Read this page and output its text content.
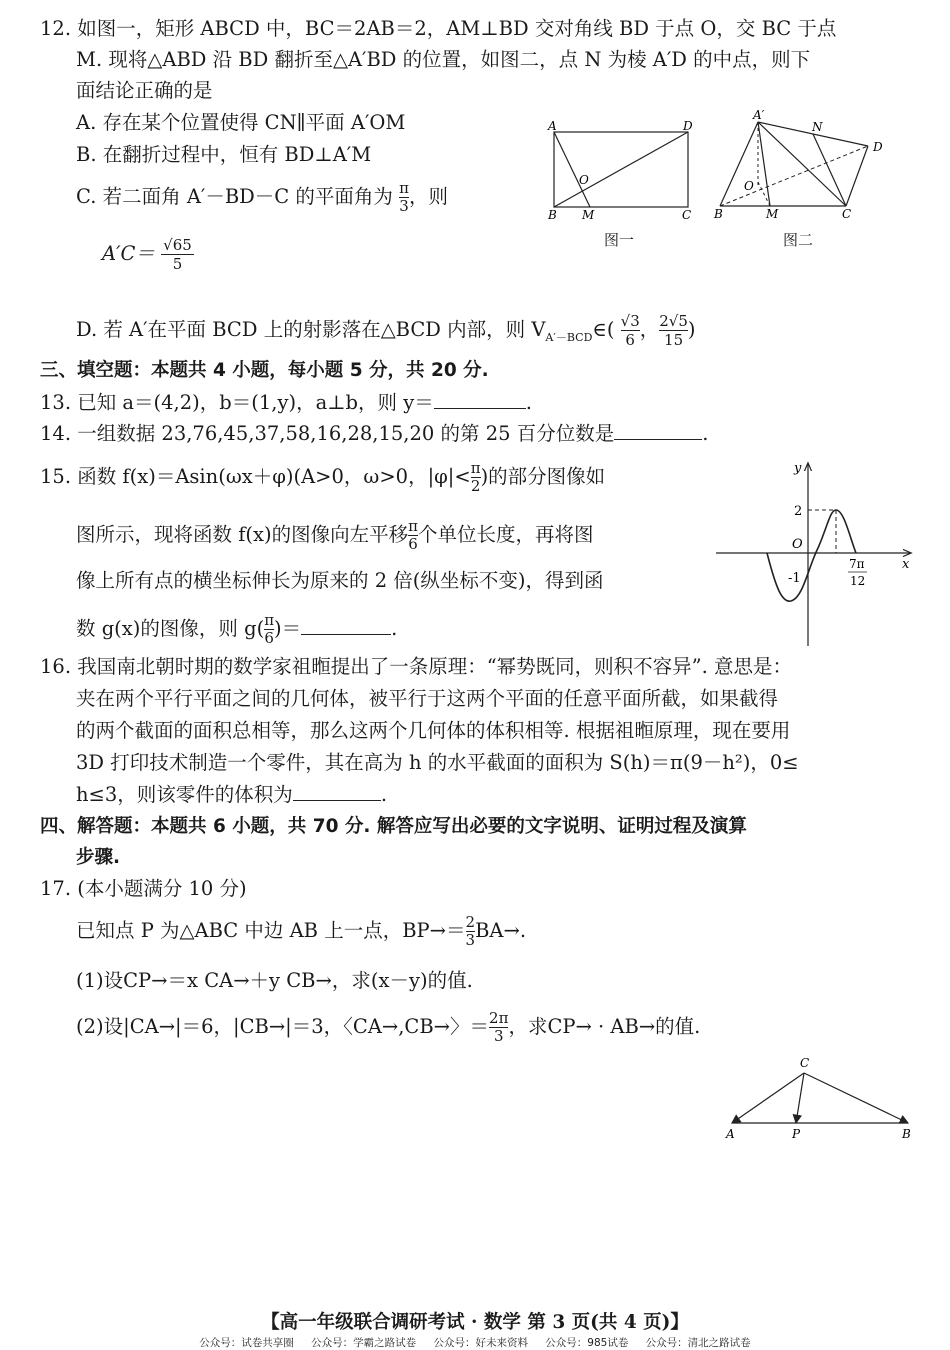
12. 如图一，矩形 ABCD 中，BC＝2AB＝2，AM⊥BD 交对角线 BD 于点 O，交 BC 于点
M. 现将△ABD 沿 BD 翻折至△A′BD 的位置，如图二，点 N 为棱 A′D 的中点，则下
面结论正确的是
A. 存在某个位置使得 CN∥平面 A′OM
B. 在翻折过程中，恒有 BD⊥A′M
C. 若二面角 A′－BD－C 的平面角为 $\frac{\pi}{3}$ ，则
$A'C= \frac{√65}{5}$
D. 若 A′在平面 BCD 上的射影落在△BCD 内部，则 $V_{A'-BCD}\in( \frac{√3}{6}$ ， $\frac{2√5}{15}$ )
A	D
O
B M	C
图一
A′
N
D
O
B	M	C
图二
三、填空题：本题共 4 小题，每小题 5 分，共 20 分.
13. 已知 a＝(4,2)，b＝(1,y)，a⊥b，则 y＝	.
14. 一组数据 23,76,45,37,58,16,28,15,20 的第 25 百分位数是	.
15. 函数 f(x)＝Asin(ωx＋φ)(A>0，ω>0，$|\varphi|< \frac{\pi}{2}$ )的部分图像如
图所示，现将函数 f(x)的图像向左平移 $\frac{\pi}{6}$ 个单位长度，再将图
像上所有点的横坐标伸长为原来的 2 倍(纵坐标不变)，得到函
数 g(x)的图像，则 $g( \frac{\pi}{6}$ )＝	.
y
x
O
2
-1
7π
12
16. 我国南北朝时期的数学家祖暅提出了一条原理：“幂势既同，则积不容异”. 意思是：
夹在两个平行平面之间的几何体，被平行于这两个平面的任意平面所截，如果截得
的两个截面的面积总相等，那么这两个几何体的体积相等. 根据祖暅原理，现在要用
3D 打印技术制造一个零件，其在高为 h 的水平截面的面积为 S(h)＝π(9－h²)，0≤
h≤3，则该零件的体积为	.
四、解答题：本题共 6 小题，共 70 分. 解答应写出必要的文字说明、证明过程及演算
步骤.
17. (本小题满分 10 分)
已知点 P 为△ABC 中边 AB 上一点，$BP\to= \frac{2}{3} BA\to$.
(1)设CP→＝x CA→＋y CB→，求(x－y)的值.
(2)设|CA→|＝6，|CB→|＝3，〈CA→,CB→〉＝ $\frac{2\pi}{3}$ ，求CP→ · AB→的值.
C
A	P	B
【高一年级联合调研考试 · 数学 第 3 页(共 4 页)】
公众号：试卷共享圈 公众号：学霸之路试卷 公众号：好未来资料 公众号：985试卷 公众号：清北之路试卷
